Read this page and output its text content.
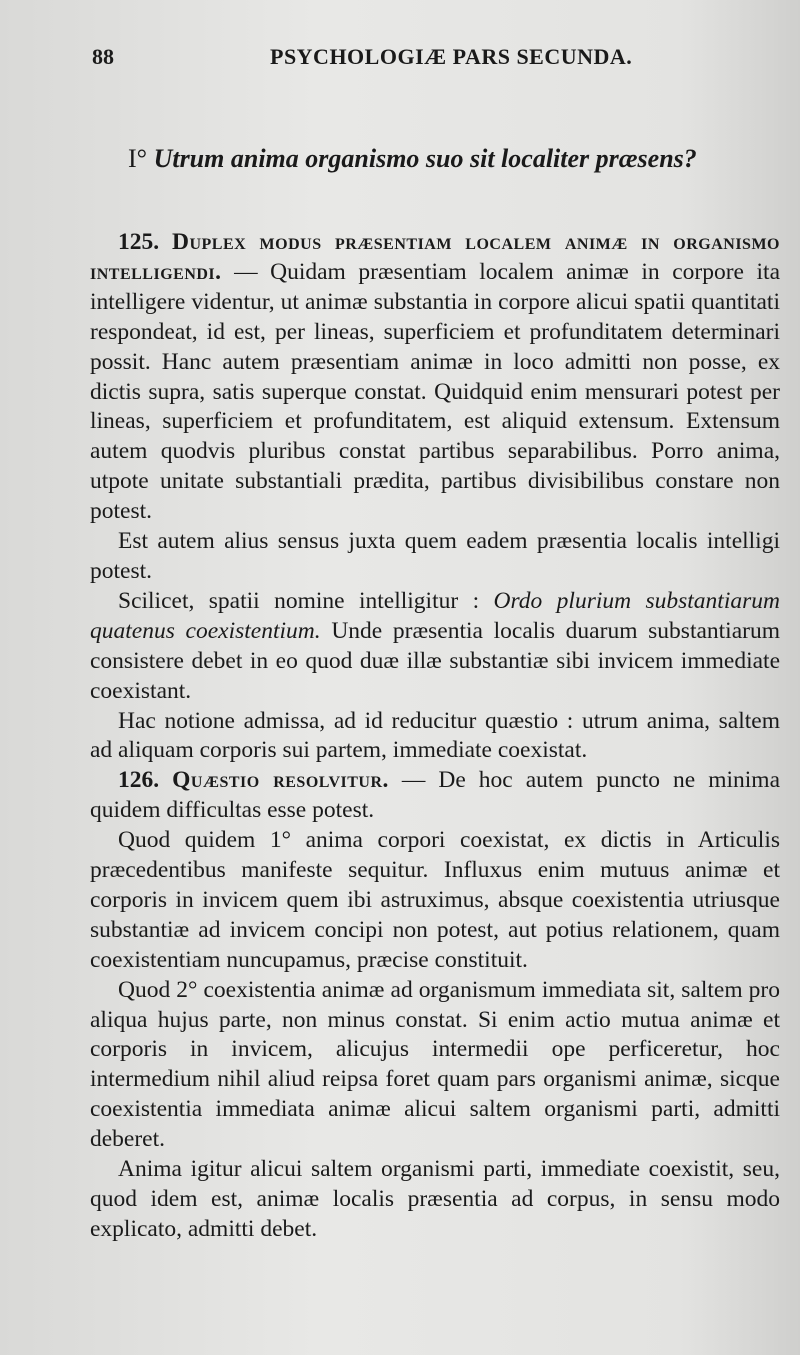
88	PSYCHOLOGIÆ PARS SECUNDA.
I° Utrum anima organismo suo sit localiter præsens?

125. Duplex modus præsentiam localem animæ in organismo intelligendi. — Quidam præsentiam localem animæ in corpore ita intelligere videntur, ut animæ substantia in corpore alicui spatii quantitati respondeat, id est, per lineas, superficiem et profunditatem determinari possit. Hanc autem præsentiam animæ in loco admitti non posse, ex dictis supra, satis superque constat. Quidquid enim mensurari potest per lineas, superficiem et profunditatem, est aliquid extensum. Extensum autem quodvis pluribus constat partibus separabilibus. Porro anima, utpote unitate substantiali prædita, partibus divisibilibus constare non potest.

Est autem alius sensus juxta quem eadem præsentia localis intelligi potest.

Scilicet, spatii nomine intelligitur : Ordo plurium substantiarum quatenus coexistentium. Unde præsentia localis duarum substantiarum consistere debet in eo quod duæ illæ substantiæ sibi invicem immediate coexistant.

Hac notione admissa, ad id reducitur quæstio : utrum anima, saltem ad aliquam corporis sui partem, immediate coexistat.

126. Quæstio resolvitur. — De hoc autem puncto ne minima quidem difficultas esse potest.

Quod quidem 1° anima corpori coexistat, ex dictis in Articulis præcedentibus manifeste sequitur. Influxus enim mutuus animæ et corporis in invicem quem ibi astruximus, absque coexistentia utriusque substantiæ ad invicem concipi non potest, aut potius relationem, quam coexistentiam nuncupamus, præcise constituit.

Quod 2° coexistentia animæ ad organismum immediata sit, saltem pro aliqua hujus parte, non minus constat. Si enim actio mutua animæ et corporis in invicem, alicujus intermedii ope perficeretur, hoc intermedium nihil aliud reipsa foret quam pars organismi animæ, sicque coexistentia immediata animæ alicui saltem organismi parti, admitti deberet.

Anima igitur alicui saltem organismi parti, immediate coexistit, seu, quod idem est, animæ localis præsentia ad corpus, in sensu modo explicato, admitti debet.
